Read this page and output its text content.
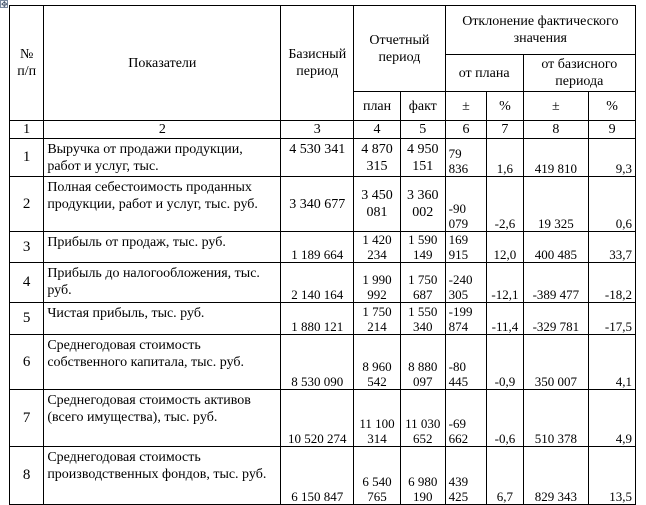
✥
№ п/п	Показатели	Базисный период	Отчетный период		Отклонение фактического значения			
					от плана		от базисного периода	
			план	факт	±	%	±	%
1	2	3	4	5	6	7	8	9
1	Выручка от продажи продукции, работ и услуг, тыс.	4 530 341	4 870 315	4 950 151	79 836	1,6	419 810	9,3
2	Полная себестоимость проданных продукции, работ и услуг, тыс. руб.	3 340 677	3 450 081	3 360 002	-90 079	-2,6	19 325	0,6
3	Прибыль от продаж, тыс. руб.	1 189 664	1 420 234	1 590 149	169 915	12,0	400 485	33,7
4	Прибыль до налогообложения, тыс. руб.	2 140 164	1 990 992	1 750 687	-240 305	-12,1	-389 477	-18,2
5	Чистая прибыль, тыс. руб.	1 880 121	1 750 214	1 550 340	-199 874	-11,4	-329 781	-17,5
6	Среднегодовая стоимость собственного капитала, тыс. руб.	8 530 090	8 960 542	8 880 097	-80 445	-0,9	350 007	4,1
7	Среднегодовая стоимость активов (всего имущества), тыс. руб.	10 520 274	11 100 314	11 030 652	-69 662	-0,6	510 378	4,9
8	Среднегодовая стоимость производственных фондов, тыс. руб.	6 150 847	6 540 765	6 980 190	439 425	6,7	829 343	13,5
